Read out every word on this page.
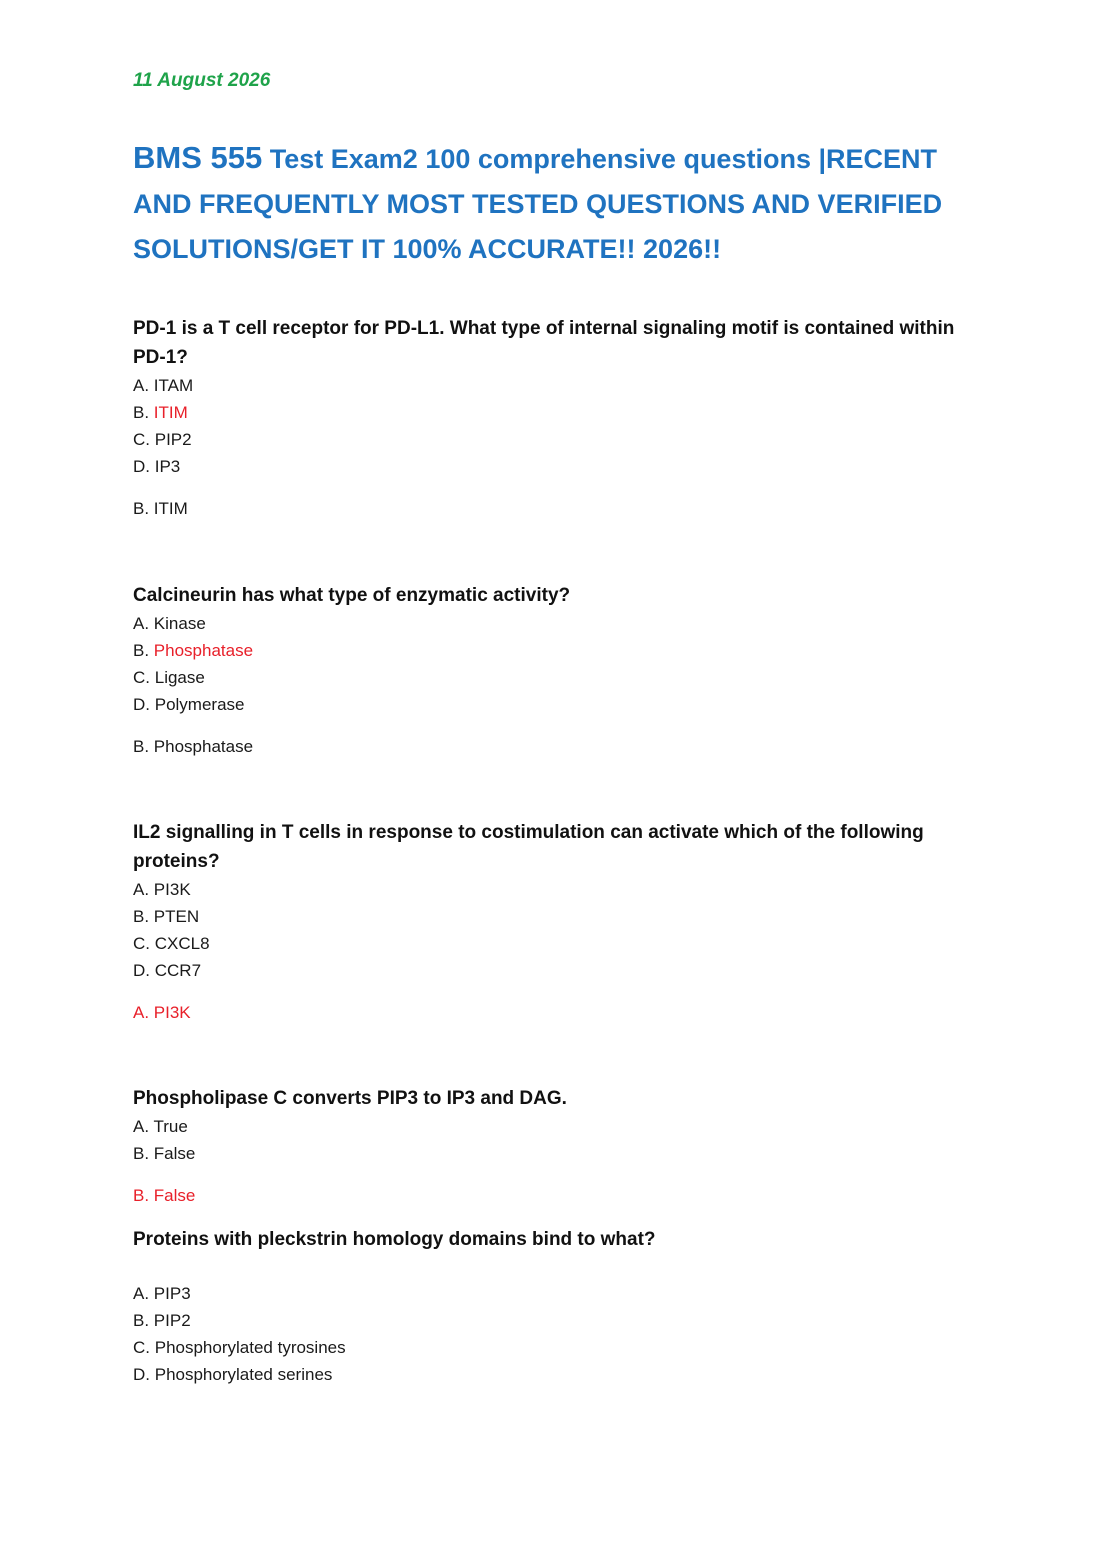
11 August 2026
BMS 555 Test Exam2 100 comprehensive questions |RECENT AND FREQUENTLY MOST TESTED QUESTIONS AND VERIFIED SOLUTIONS/GET IT 100% ACCURATE!! 2026!!

PD-1 is a T cell receptor for PD-L1. What type of internal signaling motif is contained within PD-1?

A. ITAM
B. ITIM
C. PIP2
D. IP3
B. ITIM

Calcineurin has what type of enzymatic activity?

A. Kinase
B. Phosphatase
C. Ligase
D. Polymerase
B. Phosphatase

IL2 signalling in T cells in response to costimulation can activate which of the following proteins?

A. PI3K
B. PTEN
C. CXCL8
D. CCR7
A. PI3K

Phospholipase C converts PIP3 to IP3 and DAG.

A. True
B. False
B. False

Proteins with pleckstrin homology domains bind to what?

A. PIP3
B. PIP2
C. Phosphorylated tyrosines
D. Phosphorylated serines
